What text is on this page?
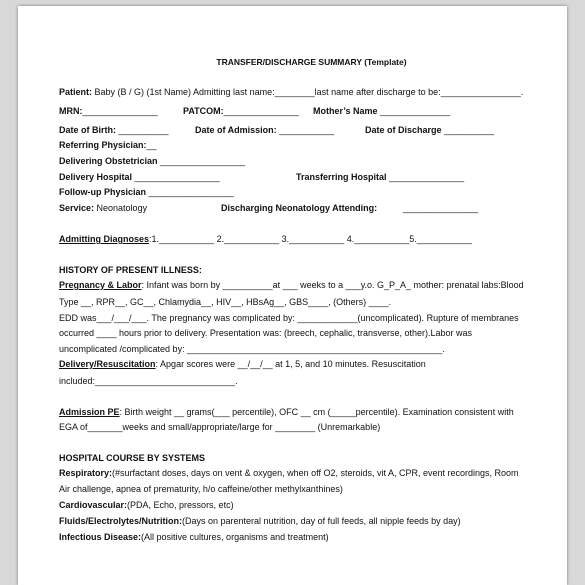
TRANSFER/DISCHARGE SUMMARY (Template)
Patient: Baby (B / G) (1st Name) Admitting last name:________last name after discharge to be:________________.
MRN:_______________	PATCOM:_______________ Mother’s Name ______________
Date of Birth: __________	Date of Admission: ___________	Date of Discharge __________
Referring Physician:__
Delivering Obstetrician _________________
Delivery Hospital _________________	Transferring Hospital _______________
Follow-up Physician _________________
Service: Neonatology	Discharging Neonatology Attending:	_______________
Admitting Diagnoses:1.___________ 2.___________ 3.___________ 4.___________5.___________
HISTORY OF PRESENT ILLNESS:
Pregnancy & Labor: Infant was born by __________at ___ weeks to a ___y.o. G_P_A_ mother: prenatal labs:Blood
Type __, RPR__, GC__, Chlamydia__, HIV__, HBsAg__, GBS____, (Others) ____.
EDD was___/___/___. The pregnancy was complicated by: ____________(uncomplicated). Rupture of membranes
occurred ____ hours prior to delivery. Presentation was: (breech, cephalic, transverse, other).Labor was
uncomplicated /complicated by: ___________________________________________________.
Delivery/Resuscitation: Apgar scores were __/__/__ at 1, 5, and 10 minutes. Resuscitation
included:____________________________.
Admission PE: Birth weight __ grams(___ percentile), OFC __ cm (_____percentile). Examination consistent with
EGA of_______weeks and small/appropriate/large for ________ (Unremarkable)
HOSPITAL COURSE BY SYSTEMS
Respiratory:(#surfactant doses, days on vent & oxygen, when off O2, steroids, vit A, CPR, event recordings, Room
Air challenge, apnea of prematurity, h/o caffeine/other methylxanthines)
Cardiovascular:(PDA, Echo, pressors, etc)
Fluids/Electrolytes/Nutrition:(Days on parenteral nutrition, day of full feeds, all nipple feeds by day)
Infectious Disease:(All positive cultures, organisms and treatment)
